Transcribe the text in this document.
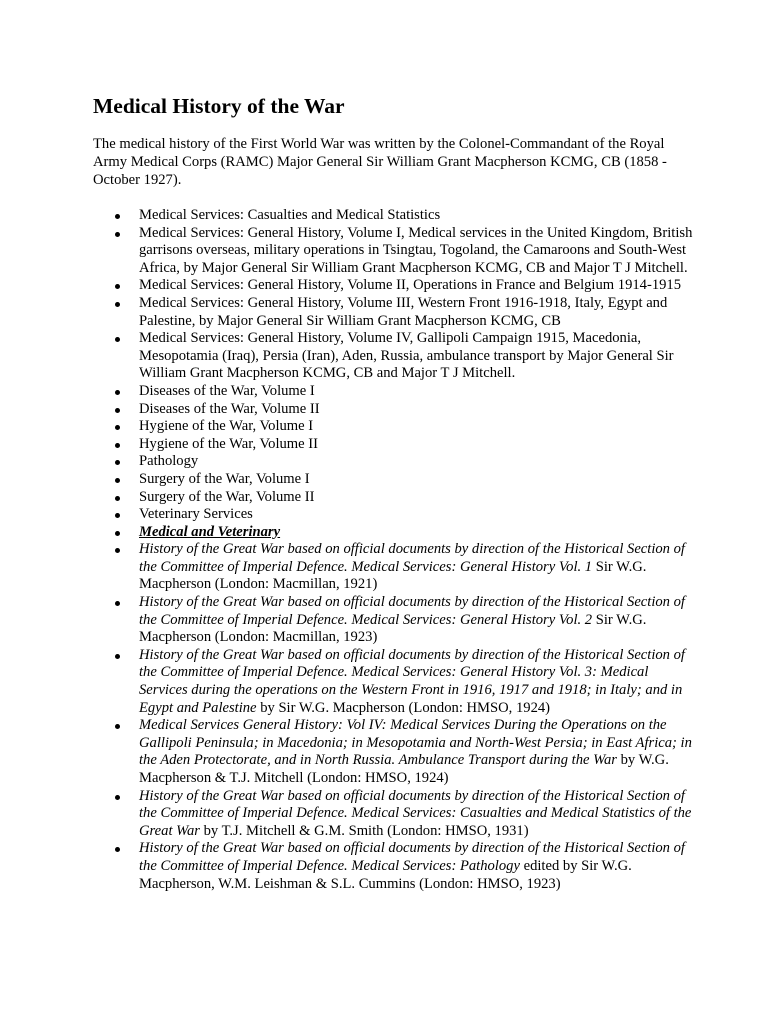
Medical History of the War

The medical history of the First World War was written by the Colonel-Commandant of the Royal Army Medical Corps (RAMC) Major General Sir William Grant Macpherson KCMG, CB (1858 - October 1927).

Medical Services: Casualties and Medical Statistics
Medical Services: General History, Volume I, Medical services in the United Kingdom, British garrisons overseas, military operations in Tsingtau, Togoland, the Camaroons and South-West Africa, by Major General Sir William Grant Macpherson KCMG, CB and Major T J Mitchell.
Medical Services: General History, Volume II, Operations in France and Belgium 1914-1915
Medical Services: General History, Volume III, Western Front 1916-1918, Italy, Egypt and Palestine, by Major General Sir William Grant Macpherson KCMG, CB
Medical Services: General History, Volume IV, Gallipoli Campaign 1915, Macedonia, Mesopotamia (Iraq), Persia (Iran), Aden, Russia, ambulance transport by Major General Sir William Grant Macpherson KCMG, CB and Major T J Mitchell.
Diseases of the War, Volume I
Diseases of the War, Volume II
Hygiene of the War, Volume I
Hygiene of the War, Volume II
Pathology
Surgery of the War, Volume I
Surgery of the War, Volume II
Veterinary Services
Medical and Veterinary
History of the Great War based on official documents by direction of the Historical Section of the Committee of Imperial Defence. Medical Services: General History Vol. 1 Sir W.G. Macpherson (London: Macmillan, 1921)
History of the Great War based on official documents by direction of the Historical Section of the Committee of Imperial Defence. Medical Services: General History Vol. 2 Sir W.G. Macpherson (London: Macmillan, 1923)
History of the Great War based on official documents by direction of the Historical Section of the Committee of Imperial Defence. Medical Services: General History Vol. 3: Medical Services during the operations on the Western Front in 1916, 1917 and 1918; in Italy; and in Egypt and Palestine by Sir W.G. Macpherson (London: HMSO, 1924)
Medical Services General History: Vol IV: Medical Services During the Operations on the Gallipoli Peninsula; in Macedonia; in Mesopotamia and North-West Persia; in East Africa; in the Aden Protectorate, and in North Russia. Ambulance Transport during the War by W.G. Macpherson & T.J. Mitchell (London: HMSO, 1924)
History of the Great War based on official documents by direction of the Historical Section of the Committee of Imperial Defence. Medical Services: Casualties and Medical Statistics of the Great War by T.J. Mitchell & G.M. Smith (London: HMSO, 1931)
History of the Great War based on official documents by direction of the Historical Section of the Committee of Imperial Defence. Medical Services: Pathology edited by Sir W.G. Macpherson, W.M. Leishman & S.L. Cummins (London: HMSO, 1923)
